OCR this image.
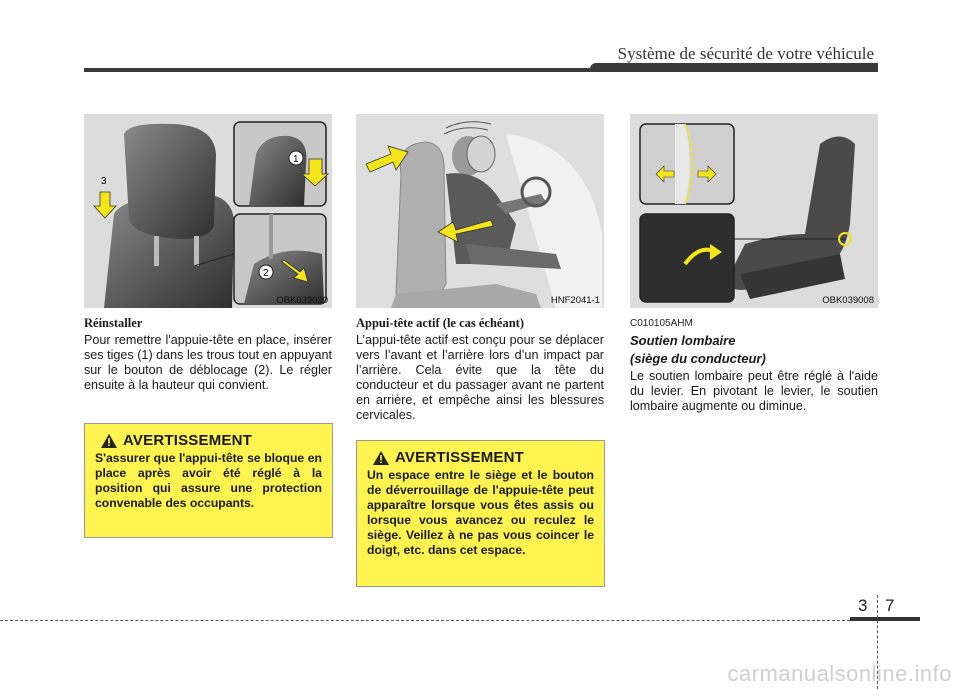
Système de sécurité de votre véhicule
1
2
3
OBK039030
Réinstaller

Pour remettre l'appuie-tête en place, insérer ses tiges (1) dans les trous tout en appuyant sur le bouton de déblocage (2). Le régler ensuite à la hauteur qui convient.

AVERTISSEMENT
S'assurer que l'appui-tête se bloque en place après avoir été réglé à la position qui assure une protection convenable des occupants.
HNF2041-1
Appui-tête actif (le cas échéant)

L’appui-tête actif est conçu pour se déplacer vers l’avant et l’arrière lors d’un impact par l’arrière. Cela évite que la tête du conducteur et du passager avant ne partent en arrière, et empêche ainsi les blessures cervicales.

AVERTISSEMENT
Un espace entre le siège et le bouton de déverrouillage de l'appuie-tête peut apparaître lorsque vous êtes assis ou lorsque vous avancez ou reculez le siège. Veillez à ne pas vous coincer le doigt, etc. dans cet espace.
OBK039008
C010105AHM
Soutien lombaire
(siège du conducteur)

Le soutien lombaire peut être réglé à l'aide du levier. En pivotant le levier, le soutien lombaire augmente ou diminue.

3 7
carmanualsonline.info
